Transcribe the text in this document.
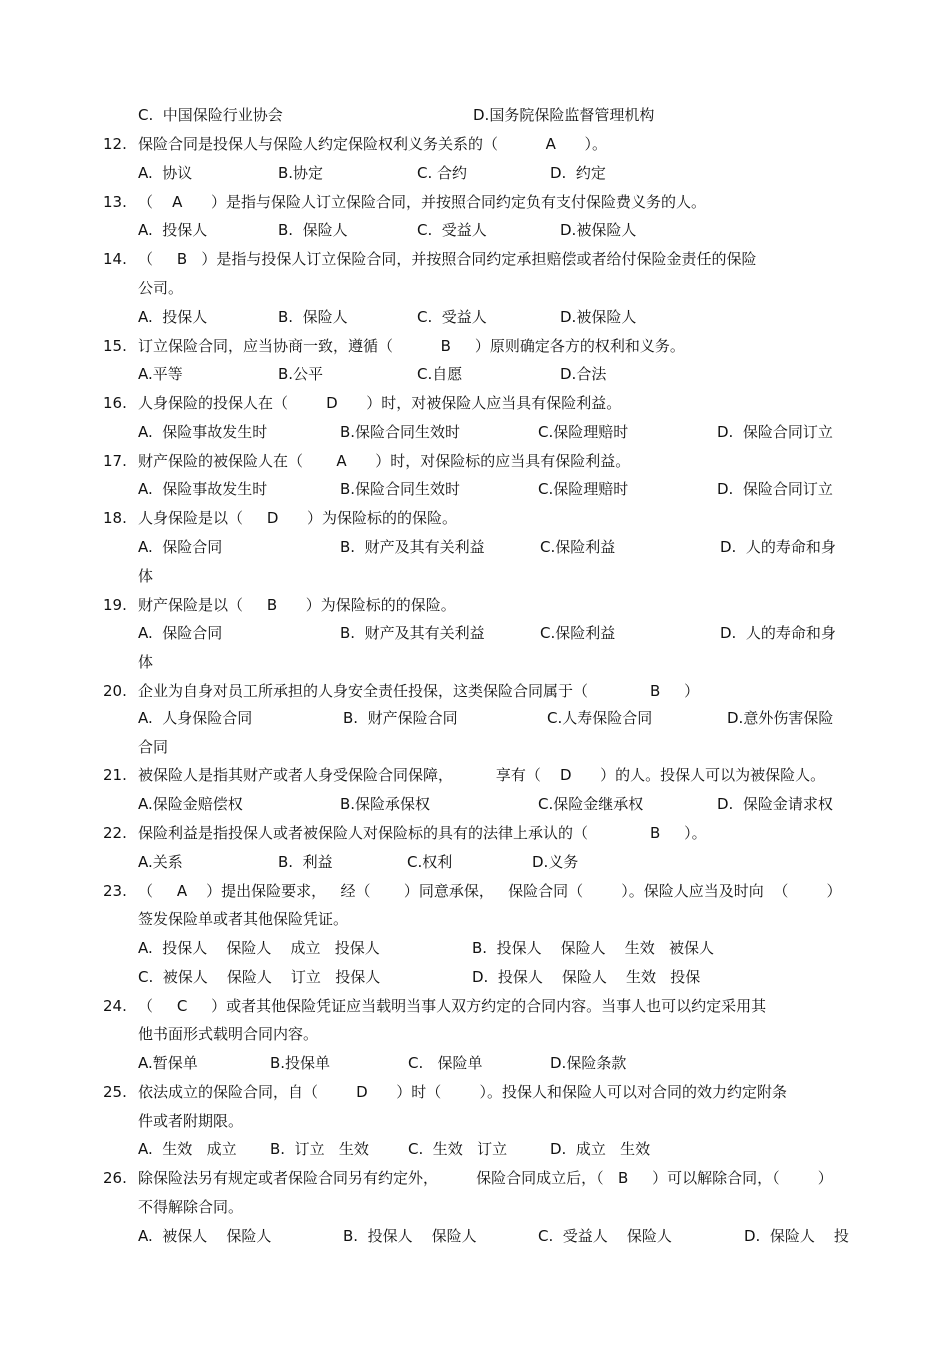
C.  中国保险行业协会	D.国务院保险监督管理机构
12. 保险合同是投保人与保险人约定保险权利义务关系的（          A      ）。
A.  协议	B.协定	C. 合约	D.  约定
13. （    A      ）是指与保险人订立保险合同，并按照合同约定负有支付保险费义务的人。
A.  投保人	B.  保险人	C.  受益人	D.被保险人
14. （     B   ）是指与投保人订立保险合同，并按照合同约定承担赔偿或者给付保险金责任的保险
公司。
A.  投保人	B.  保险人	C.  受益人	D.被保险人
15. 订立保险合同，应当协商一致，遵循（          B     ）原则确定各方的权利和义务。
A.平等	B.公平	C.自愿	D.合法
16. 人身保险的投保人在（        D      ）时，对被保险人应当具有保险利益。
A.  保险事故发生时	B.保险合同生效时	C.保险理赔时	D.  保险合同订立
17. 财产保险的被保险人在（       A      ）时，对保险标的应当具有保险利益。
A.  保险事故发生时	B.保险合同生效时	C.保险理赔时	D.  保险合同订立
18. 人身保险是以（     D      ）为保险标的的保险。
A.  保险合同	B.  财产及其有关利益	C.保险利益	D.  人的寿命和身
体
19. 财产保险是以（     B      ）为保险标的的保险。
A.  保险合同	B.  财产及其有关利益	C.保险利益	D.  人的寿命和身
体
20. 企业为自身对员工所承担的人身安全责任投保，这类保险合同属于（             B     ）
A.  人身保险合同	B.  财产保险合同	C.人寿保险合同	D.意外伤害保险
合同
21. 被保险人是指其财产或者人身受保险合同保障，         享有（    D      ）的人。投保人可以为被保险人。
A.保险金赔偿权	B.保险承保权	C.保险金继承权	D.  保险金请求权
22. 保险利益是指投保人或者被保险人对保险标的具有的法律上承认的（             B     ）。
A.关系	B.  利益	C.权利	D.义务
23. （     A    ）提出保险要求，   经（       ）同意承保，   保险合同（        ）。保险人应当及时向  （        ）
签发保险单或者其他保险凭证。
A.  投保人    保险人    成立   投保人	B.  投保人    保险人    生效   被保人
C.  被保人    保险人    订立   投保人	D.  投保人    保险人    生效   投保
24. （     C     ）或者其他保险凭证应当载明当事人双方约定的合同内容。当事人也可以约定采用其
他书面形式载明合同内容。
A.暂保单	B.投保单	C.   保险单	D.保险条款
25. 依法成立的保险合同，自（        D      ）时（        ）。投保人和保险人可以对合同的效力约定附条
件或者附期限。
A.  生效   成立 B.  订立   生效	C.  生效   订立	D.  成立   生效
26. 除保险法另有规定或者保险合同另有约定外，        保险合同成立后，（   B     ）可以解除合同，（        ）
不得解除合同。
A.  被保人    保险人	B.  投保人    保险人	C.  受益人    保险人	D.  保险人    投
